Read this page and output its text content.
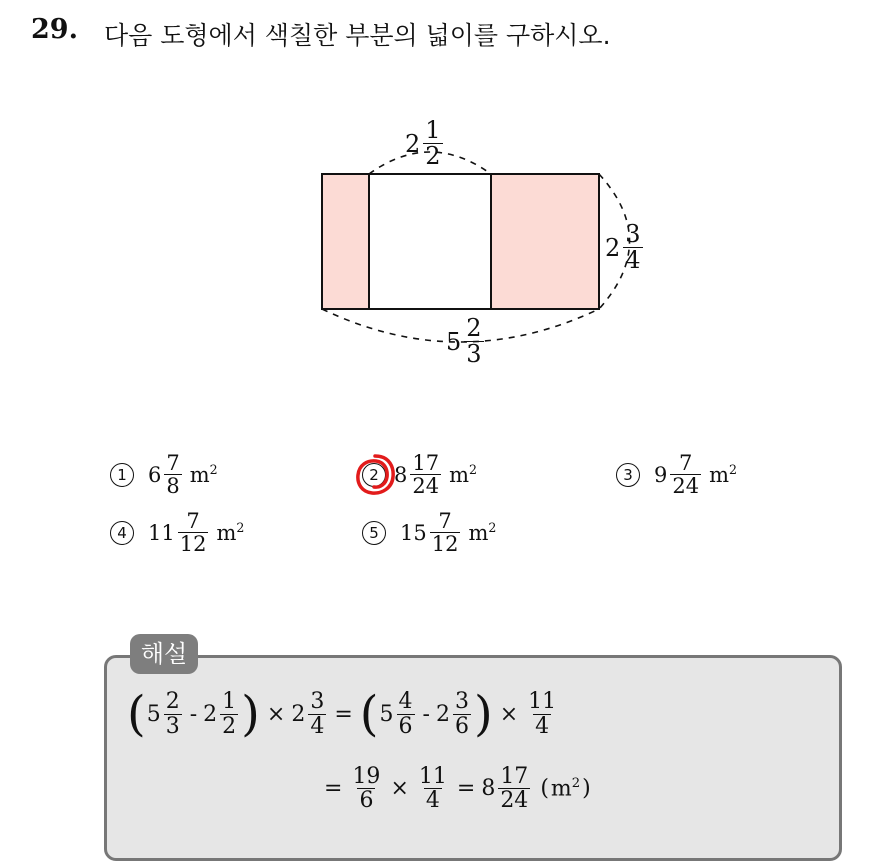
29. 다음 도형에서 색칠한 부분의 넓이를 구하시오.
$2 \frac{1}{2}$
$2 \frac{3}{4}$
$5 \frac{2}{3}$
1	$6 \frac{7}{8} m^2$	2 $8 \frac{17}{24} m^2$	3	$9 \frac{7}{24} m^2$
4	$11 \frac{7}{12} m^2$	5	$15 \frac{7}{12} m^2$
해설
( $5 \frac{2}{3} - 2 \frac{1}{2}$ ) × $2 \frac{3}{4}$ = ( $5 \frac{4}{6} - 2 \frac{3}{6}$ ) × $\frac{11}{4}$
= $\frac{19}{6} \times \frac{11}{4} = 8 \frac{17}{24}$ ( $m^2$ )
